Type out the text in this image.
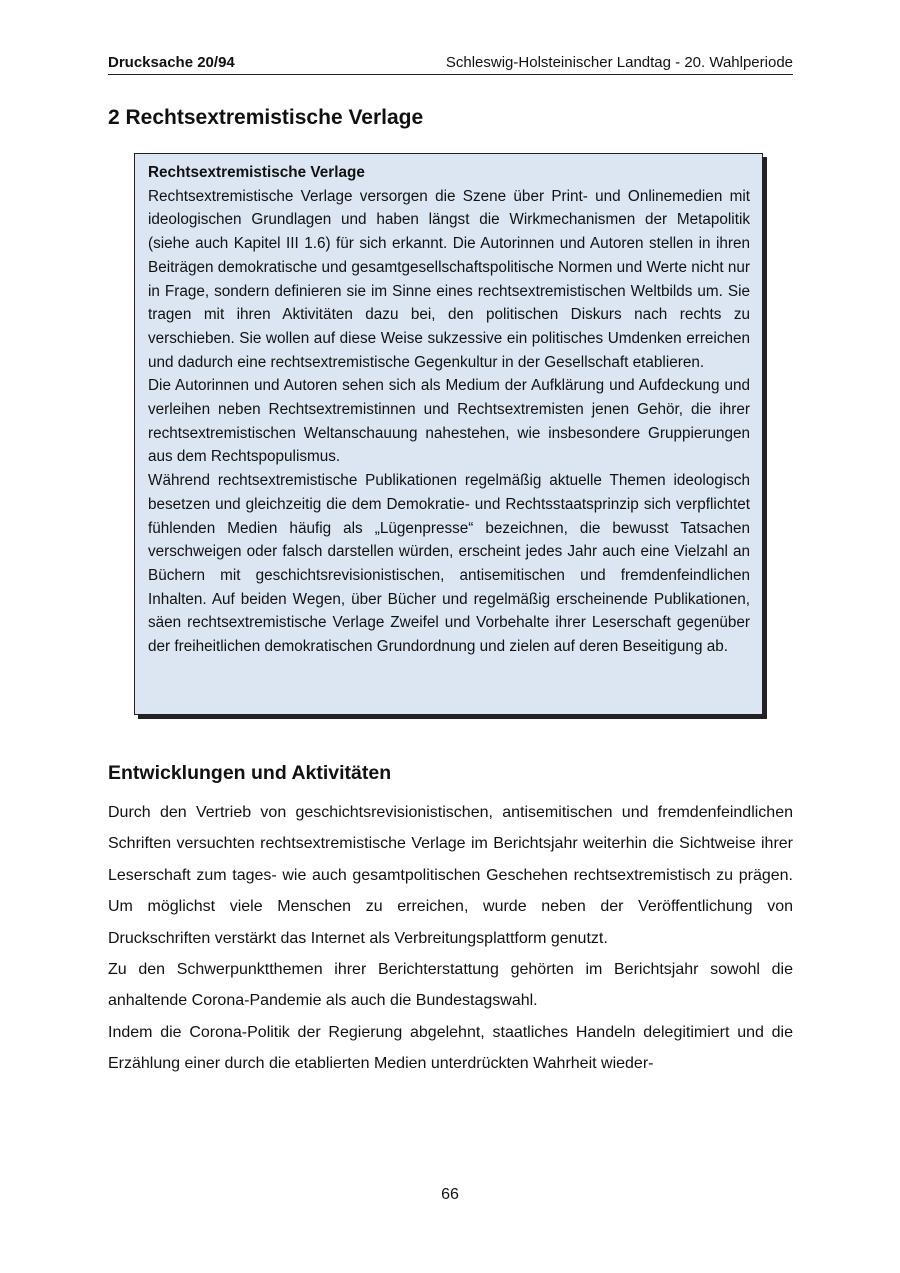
Drucksache 20/94	Schleswig-Holsteinischer Landtag - 20. Wahlperiode
2 Rechtsextremistische Verlage

Rechtsextremistische Verlage

Rechtsextremistische Verlage versorgen die Szene über Print- und Onlinemedien mit ideologischen Grundlagen und haben längst die Wirkmechanismen der Metapolitik (siehe auch Kapitel III 1.6) für sich erkannt. Die Autorinnen und Autoren stellen in ihren Beiträgen demokratische und gesamtgesellschaftspolitische Normen und Werte nicht nur in Frage, sondern definieren sie im Sinne eines rechtsextremistischen Weltbilds um. Sie tragen mit ihren Aktivitäten dazu bei, den politischen Diskurs nach rechts zu verschieben. Sie wollen auf diese Weise sukzessive ein politisches Umdenken erreichen und dadurch eine rechtsextremistische Gegenkultur in der Gesellschaft etablieren.

Die Autorinnen und Autoren sehen sich als Medium der Aufklärung und Aufdeckung und verleihen neben Rechtsextremistinnen und Rechtsextremisten jenen Gehör, die ihrer rechtsextremistischen Weltanschauung nahestehen, wie insbesondere Gruppierungen aus dem Rechtspopulismus.

Während rechtsextremistische Publikationen regelmäßig aktuelle Themen ideologisch besetzen und gleichzeitig die dem Demokratie- und Rechtsstaatsprinzip sich verpflichtet fühlenden Medien häufig als „Lügenpresse“ bezeichnen, die bewusst Tatsachen verschweigen oder falsch darstellen würden, erscheint jedes Jahr auch eine Vielzahl an Büchern mit geschichtsrevisionistischen, antisemitischen und fremdenfeindlichen Inhalten. Auf beiden Wegen, über Bücher und regelmäßig erscheinende Publikationen, säen rechtsextremistische Verlage Zweifel und Vorbehalte ihrer Leserschaft gegenüber der freiheitlichen demokratischen Grundordnung und zielen auf deren Beseitigung ab.

Entwicklungen und Aktivitäten

Durch den Vertrieb von geschichtsrevisionistischen, antisemitischen und fremdenfeindlichen Schriften versuchten rechtsextremistische Verlage im Berichtsjahr weiterhin die Sichtweise ihrer Leserschaft zum tages- wie auch gesamtpolitischen Geschehen rechtsextremistisch zu prägen. Um möglichst viele Menschen zu erreichen, wurde neben der Veröffentlichung von Druckschriften verstärkt das Internet als Verbreitungsplattform genutzt.

Zu den Schwerpunktthemen ihrer Berichterstattung gehörten im Berichtsjahr sowohl die anhaltende Corona-Pandemie als auch die Bundestagswahl.

Indem die Corona-Politik der Regierung abgelehnt, staatliches Handeln delegitimiert und die Erzählung einer durch die etablierten Medien unterdrückten Wahrheit wieder-

66
